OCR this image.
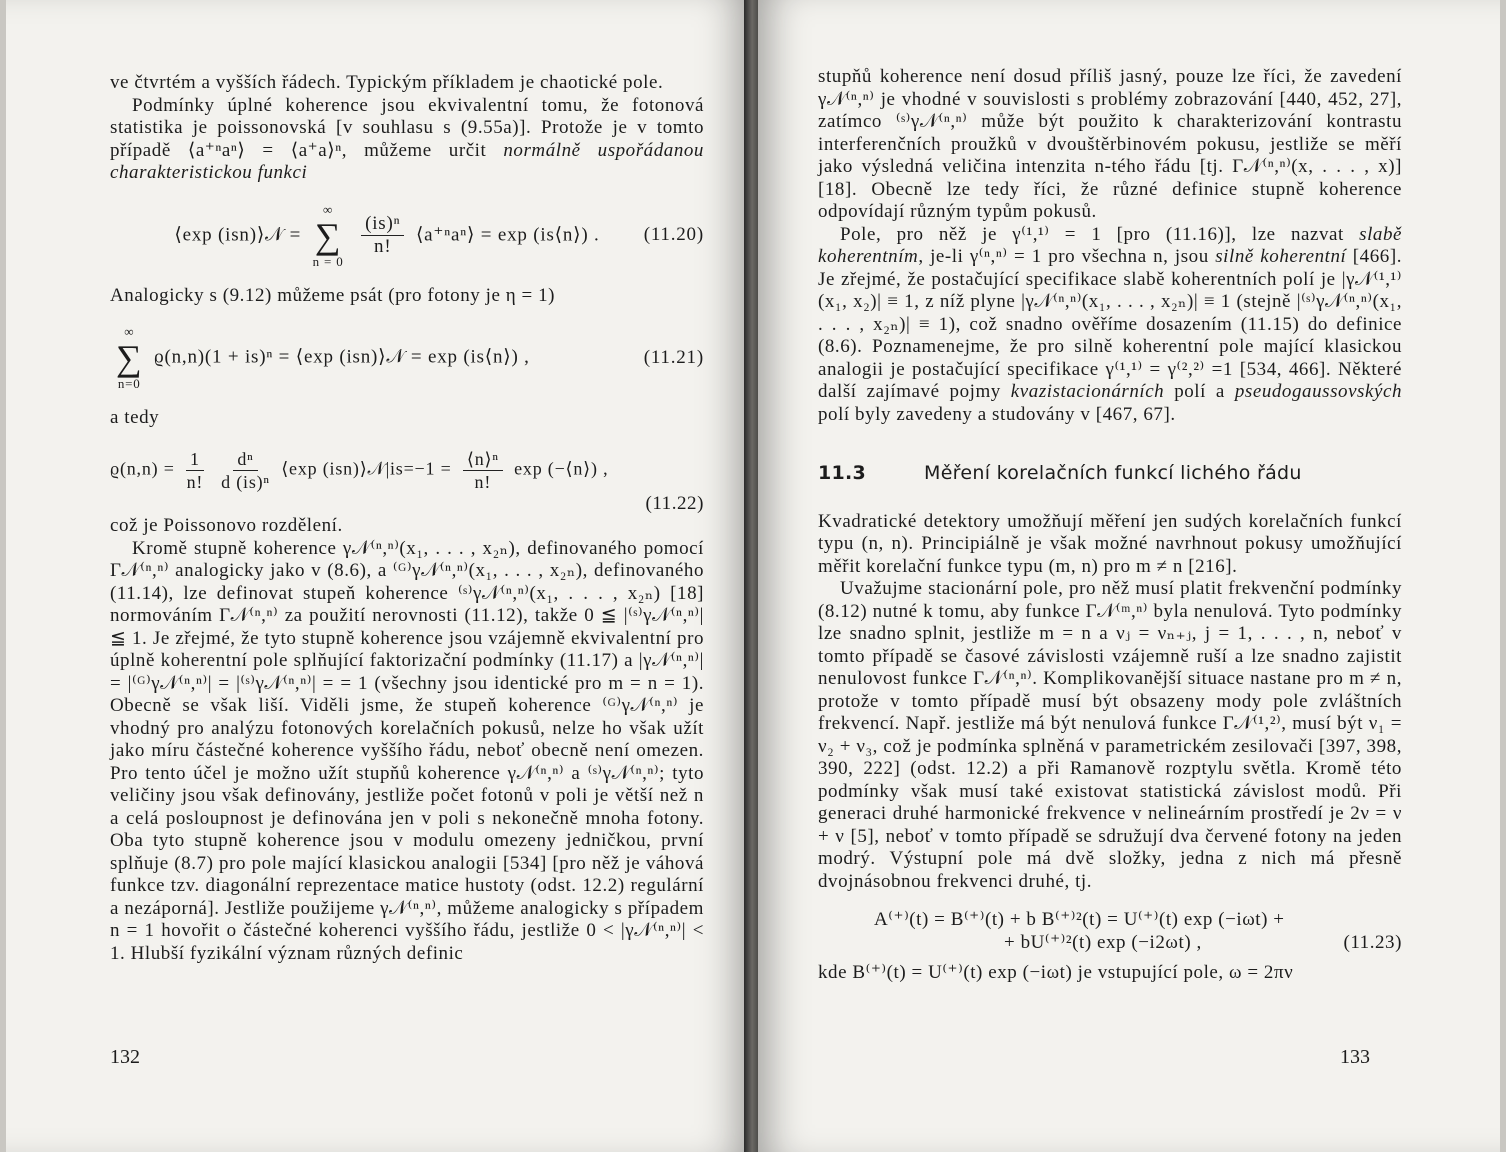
ve čtvrtém a vyšších řádech. Typickým příkladem je chaotické pole.

Podmínky úplné koherence jsou ekvivalentní tomu, že fotonová statistika je poissonovská [v souhlasu s (9.55a)]. Protože je v tomto případě ⟨a⁺ⁿaⁿ⟩ = ⟨a⁺a⟩ⁿ, můžeme určit normálně uspořádanou charakteristickou funkci

⟨exp (isn)⟩𝒩 =
∞
∑
n = 0

$\frac{\text{(is)ⁿ}}{n!}$ ⟨a⁺ⁿaⁿ⟩ = exp (is⟨n⟩) .	(11.20)

Analogicky s (9.12) můžeme psát (pro fotony je η = 1)

∞
∑
n=0
ϱ(n,n)(1 + is)ⁿ = ⟨exp (isn)⟩𝒩 = exp (is⟨n⟩) ,	(11.21)

a tedy

$ϱ(n,n) = \frac{1}{n!}$
$\frac{\text{dⁿ}}{\text{d (is)ⁿ}}$ ⟨exp (isn)⟩𝒩|is=−1 = $\frac{\text{⟨n⟩ⁿ}}{n!}$ exp (−⟨n⟩) ,
(11.22)

což je Poissonovo rozdělení.

Kromě stupně koherence γ𝒩⁽ⁿ,ⁿ⁾(x₁, . . . , x₂ₙ), definovaného pomocí Γ𝒩⁽ⁿ,ⁿ⁾ analogicky jako v (8.6), a ⁽ᴳ⁾γ𝒩⁽ⁿ,ⁿ⁾(x₁, . . . , x₂ₙ), definovaného (11.14), lze definovat stupeň koherence ⁽ˢ⁾γ𝒩⁽ⁿ,ⁿ⁾(x₁, . . . , x₂ₙ) [18] normováním Γ𝒩⁽ⁿ,ⁿ⁾ za použití nerovnosti (11.12), takže 0 ≦ |⁽ˢ⁾γ𝒩⁽ⁿ,ⁿ⁾| ≦ 1. Je zřejmé, že tyto stupně koherence jsou vzájemně ekvivalentní pro úplně koherentní pole splňující faktorizační podmínky (11.17) a |γ𝒩⁽ⁿ,ⁿ⁾| = |⁽ᴳ⁾γ𝒩⁽ⁿ,ⁿ⁾| = |⁽ˢ⁾γ𝒩⁽ⁿ,ⁿ⁾| = = 1 (všechny jsou identické pro m = n = 1). Obecně se však liší. Viděli jsme, že stupeň koherence ⁽ᴳ⁾γ𝒩⁽ⁿ,ⁿ⁾ je vhodný pro analýzu fotonových korelačních pokusů, nelze ho však užít jako míru částečné koherence vyššího řádu, neboť obecně není omezen. Pro tento účel je možno užít stupňů koherence γ𝒩⁽ⁿ,ⁿ⁾ a ⁽ˢ⁾γ𝒩⁽ⁿ,ⁿ⁾; tyto veličiny jsou však definovány, jestliže počet fotonů v poli je větší než n a celá posloupnost je definována jen v poli s nekonečně mnoha fotony. Oba tyto stupně koherence jsou v modulu omezeny jedničkou, první splňuje (8.7) pro pole mající klasickou analogii [534] [pro něž je váhová funkce tzv. diagonální reprezentace matice hustoty (odst. 12.2) regulární a nezáporná]. Jestliže použijeme γ𝒩⁽ⁿ,ⁿ⁾, můžeme analogicky s případem n = 1 hovořit o částečné koherenci vyššího řádu, jestliže 0 < |γ𝒩⁽ⁿ,ⁿ⁾| < 1. Hlubší fyzikální význam různých definic

132

stupňů koherence není dosud příliš jasný, pouze lze říci, že zavedení γ𝒩⁽ⁿ,ⁿ⁾ je vhodné v souvislosti s problémy zobrazování [440, 452, 27], zatímco ⁽ˢ⁾γ𝒩⁽ⁿ,ⁿ⁾ může být použito k charakterizování kontrastu interferenčních proužků v dvouštěrbinovém pokusu, jestliže se měří jako výsledná veličina intenzita n-tého řádu [tj. Γ𝒩⁽ⁿ,ⁿ⁾(x, . . . , x)] [18]. Obecně lze tedy říci, že různé definice stupně koherence odpovídají různým typům pokusů.

Pole, pro něž je γ⁽¹,¹⁾ = 1 [pro (11.16)], lze nazvat slabě koherentním, je-li γ⁽ⁿ,ⁿ⁾ = 1 pro všechna n, jsou silně koherentní [466]. Je zřejmé, že postačující specifikace slabě koherentních polí je |γ𝒩⁽¹,¹⁾(x₁, x₂)| ≡ 1, z níž plyne |γ𝒩⁽ⁿ,ⁿ⁾(x₁, . . . , x₂ₙ)| ≡ 1 (stejně |⁽ˢ⁾γ𝒩⁽ⁿ,ⁿ⁾(x₁, . . . , x₂ₙ)| ≡ 1), což snadno ověříme dosazením (11.15) do definice (8.6). Poznamenejme, že pro silně koherentní pole mající klasickou analogii je postačující specifikace γ⁽¹,¹⁾ = γ⁽²,²⁾ =1 [534, 466]. Některé další zajímavé pojmy kvazistacionárních polí a pseudogaussovských polí byly zavedeny a studovány v [467, 67].

11.3	Měření korelačních funkcí lichého řádu

Kvadratické detektory umožňují měření jen sudých korelačních funkcí typu (n, n). Principiálně je však možné navrhnout pokusy umožňující měřit korelační funkce typu (m, n) pro m ≠ n [216].

Uvažujme stacionární pole, pro něž musí platit frekvenční podmínky (8.12) nutné k tomu, aby funkce Γ𝒩⁽ᵐ,ⁿ⁾ byla nenulová. Tyto podmínky lze snadno splnit, jestliže m = n a νⱼ = νₙ₊ⱼ, j = 1, . . . , n, neboť v tomto případě se časové závislosti vzájemně ruší a lze snadno zajistit nenulovost funkce Γ𝒩⁽ⁿ,ⁿ⁾. Komplikovanější situace nastane pro m ≠ n, protože v tomto případě musí být obsazeny mody pole zvláštních frekvencí. Např. jestliže má být nenulová funkce Γ𝒩⁽¹,²⁾, musí být ν₁ = ν₂ + ν₃, což je podmínka splněná v parametrickém zesilovači [397, 398, 390, 222] (odst. 12.2) a při Ramanově rozptylu světla. Kromě této podmínky však musí také existovat statistická závislost modů. Při generaci druhé harmonické frekvence v nelineárním prostředí je 2ν = ν + ν [5], neboť v tomto případě se sdružují dva červené fotony na jeden modrý. Výstupní pole má dvě složky, jedna z nich má přesně dvojnásobnou frekvenci druhé, tj.

A⁽⁺⁾(t) = B⁽⁺⁾(t) + b B⁽⁺⁾²(t) = U⁽⁺⁾(t) exp (−iωt) +
+ bU⁽⁺⁾²(t) exp (−i2ωt) ,	(11.23)

kde B⁽⁺⁾(t) = U⁽⁺⁾(t) exp (−iωt) je vstupující pole, ω = 2πν

133
